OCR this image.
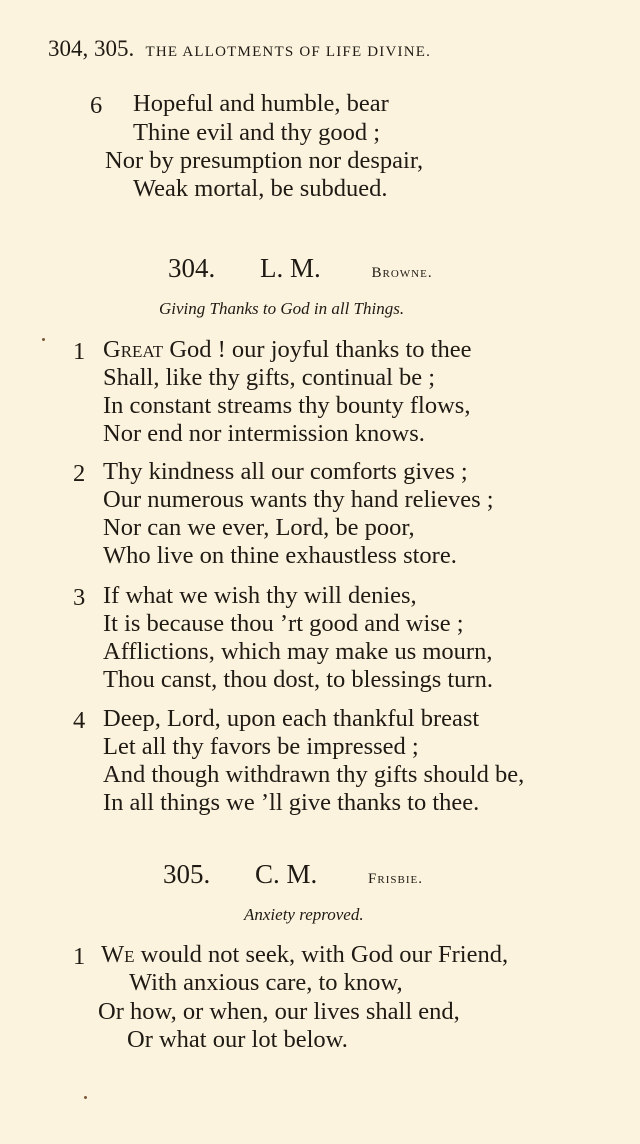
304, 305. THE ALLOTMENTS OF LIFE DIVINE.
6 Hopeful and humble, bear
Thine evil and thy good ;
Nor by presumption nor despair,
Weak mortal, be subdued.
304. L. M.	Browne.
Giving Thanks to God in all Things.
1 Great God ! our joyful thanks to thee
Shall, like thy gifts, continual be ;
In constant streams thy bounty flows,
Nor end nor intermission knows.
2 Thy kindness all our comforts gives ;
Our numerous wants thy hand relieves ;
Nor can we ever, Lord, be poor,
Who live on thine exhaustless store.
3 If what we wish thy will denies,
It is because thou ’rt good and wise ;
Afflictions, which may make us mourn,
Thou canst, thou dost, to blessings turn.
4 Deep, Lord, upon each thankful breast
Let all thy favors be impressed ;
And though withdrawn thy gifts should be,
In all things we ’ll give thanks to thee.
305. C. M.	Frisbie.
Anxiety reproved.
1 We would not seek, with God our Friend,
With anxious care, to know,
Or how, or when, our lives shall end,
Or what our lot below.
